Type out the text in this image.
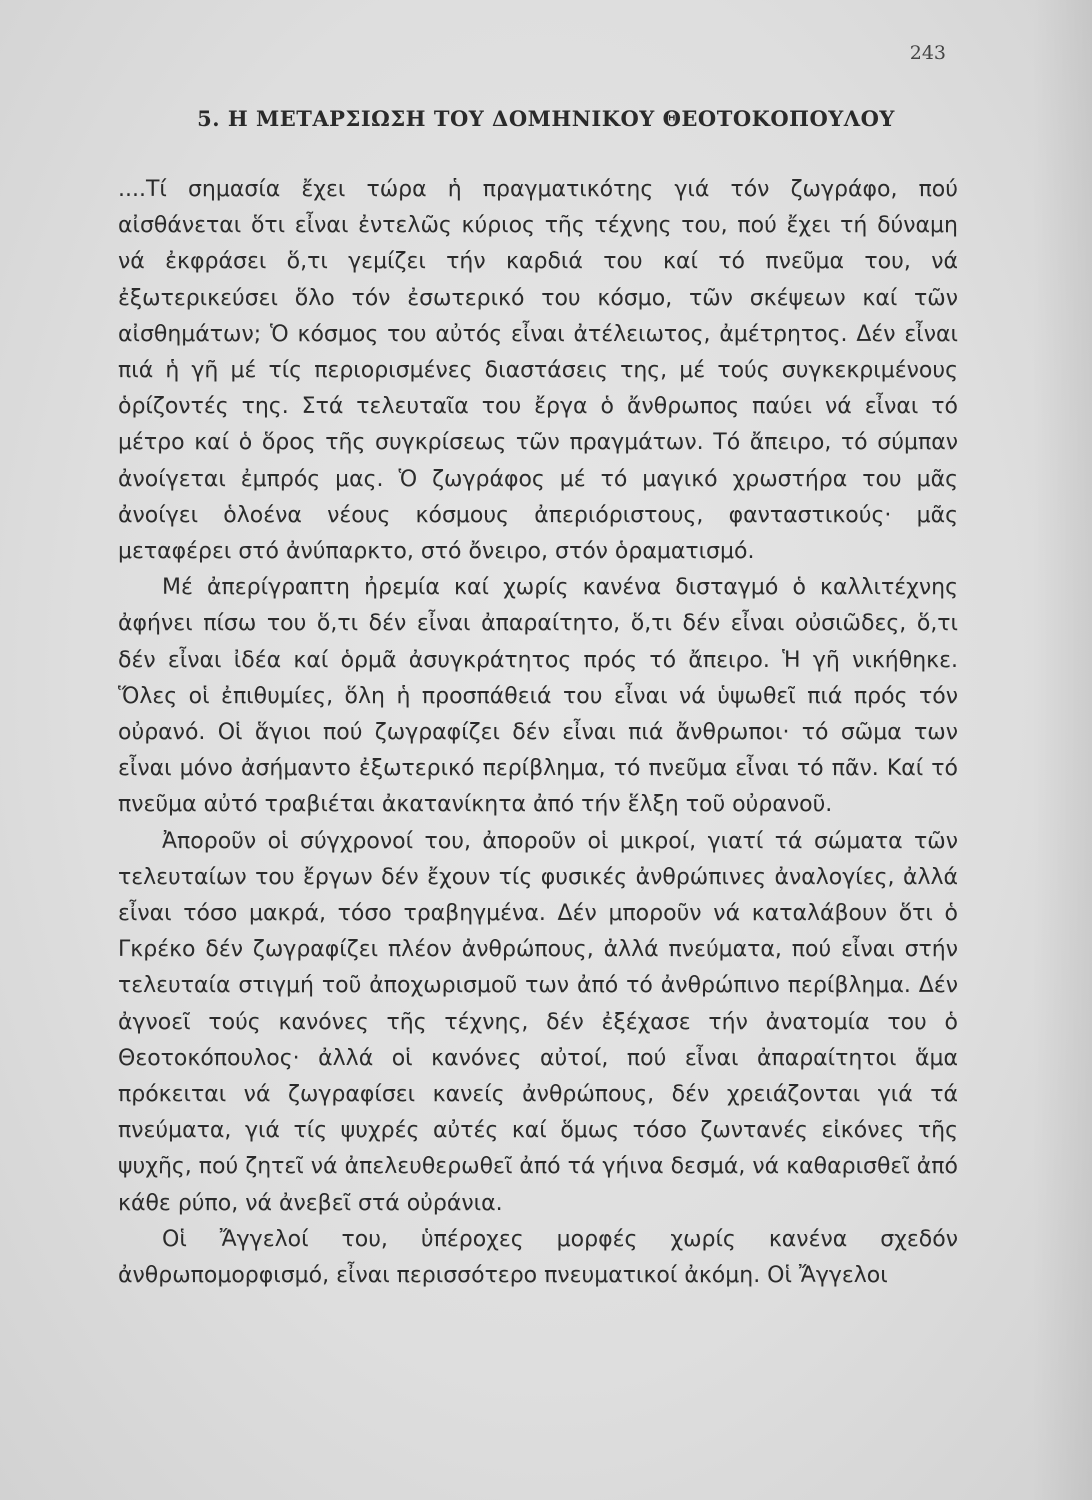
243
5. Η ΜΕΤΑΡΣΙΩΣΗ ΤΟΥ ΔΟΜΗΝΙΚΟΥ ΘΕΟΤΟΚΟΠΟΥΛΟΥ

....Τί σημασία ἔχει τώρα ἡ πραγματικότης γιά τόν ζωγράφο, πού αἰσθάνεται ὅτι εἶναι ἐντελῶς κύριος τῆς τέχνης του, πού ἔχει τή δύναμη νά ἐκφράσει ὅ,τι γεμίζει τήν καρδιά του καί τό πνεῦμα του, νά ἐξωτερικεύσει ὅλο τόν ἐσωτερικό του κόσμο, τῶν σκέψεων καί τῶν αἰσθημάτων; Ὁ κόσμος του αὐτός εἶναι ἀτέλειωτος, ἀμέτρητος. Δέν εἶναι πιά ἡ γῆ μέ τίς περιορισμένες διαστάσεις της, μέ τούς συγκεκριμένους ὁρίζοντές της. Στά τελευταῖα του ἔργα ὁ ἄνθρωπος παύει νά εἶναι τό μέτρο καί ὁ ὅρος τῆς συγκρίσεως τῶν πραγμάτων. Τό ἄπειρο, τό σύμπαν ἀνοίγεται ἐμπρός μας. Ὁ ζωγράφος μέ τό μαγικό χρωστήρα του μᾶς ἀνοίγει ὁλοένα νέους κόσμους ἀπεριόριστους, φανταστικούς· μᾶς μεταφέρει στό ἀνύπαρκτο, στό ὄνειρο, στόν ὁραματισμό.

Μέ ἀπερίγραπτη ἠρεμία καί χωρίς κανένα δισταγμό ὁ καλλιτέχνης ἀφήνει πίσω του ὅ,τι δέν εἶναι ἀπαραίτητο, ὅ,τι δέν εἶναι οὐσιῶδες, ὅ,τι δέν εἶναι ἰδέα καί ὁρμᾶ ἀσυγκράτητος πρός τό ἄπειρο. Ἡ γῆ νικήθηκε. Ὅλες οἱ ἐπιθυμίες, ὅλη ἡ προσπάθειά του εἶναι νά ὑψωθεῖ πιά πρός τόν οὐρανό. Οἱ ἅγιοι πού ζωγραφίζει δέν εἶναι πιά ἄνθρωποι· τό σῶμα των εἶναι μόνο ἀσήμαντο ἐξωτερικό περίβλημα, τό πνεῦμα εἶναι τό πᾶν. Καί τό πνεῦμα αὐτό τραβιέται ἀκατανίκητα ἀπό τήν ἕλξη τοῦ οὐρανοῦ.

Ἀποροῦν οἱ σύγχρονοί του, ἀποροῦν οἱ μικροί, γιατί τά σώματα τῶν τελευταίων του ἔργων δέν ἔχουν τίς φυσικές ἀνθρώπινες ἀναλογίες, ἀλλά εἶναι τόσο μακρά, τόσο τραβηγμένα. Δέν μποροῦν νά καταλάβουν ὅτι ὁ Γκρέκο δέν ζωγραφίζει πλέον ἀνθρώπους, ἀλλά πνεύματα, πού εἶναι στήν τελευταία στιγμή τοῦ ἀποχωρισμοῦ των ἀπό τό ἀνθρώπινο περίβλημα. Δέν ἀγνοεῖ τούς κανόνες τῆς τέχνης, δέν ἐξέχασε τήν ἀνατομία του ὁ Θεοτοκόπουλος· ἀλλά οἱ κανόνες αὐτοί, πού εἶναι ἀπαραίτητοι ἅμα πρόκειται νά ζωγραφίσει κανείς ἀνθρώπους, δέν χρειάζονται γιά τά πνεύματα, γιά τίς ψυχρές αὐτές καί ὅμως τόσο ζωντανές εἰκόνες τῆς ψυχῆς, πού ζητεῖ νά ἀπελευθερωθεῖ ἀπό τά γήινα δεσμά, νά καθαρισθεῖ ἀπό κάθε ρύπο, νά ἀνεβεῖ στά οὐράνια.

Οἱ Ἄγγελοί του, ὑπέροχες μορφές χωρίς κανένα σχεδόν ἀνθρωπομορφισμό, εἶναι περισσότερο πνευματικοί ἀκόμη. Οἱ Ἄγγελοι
